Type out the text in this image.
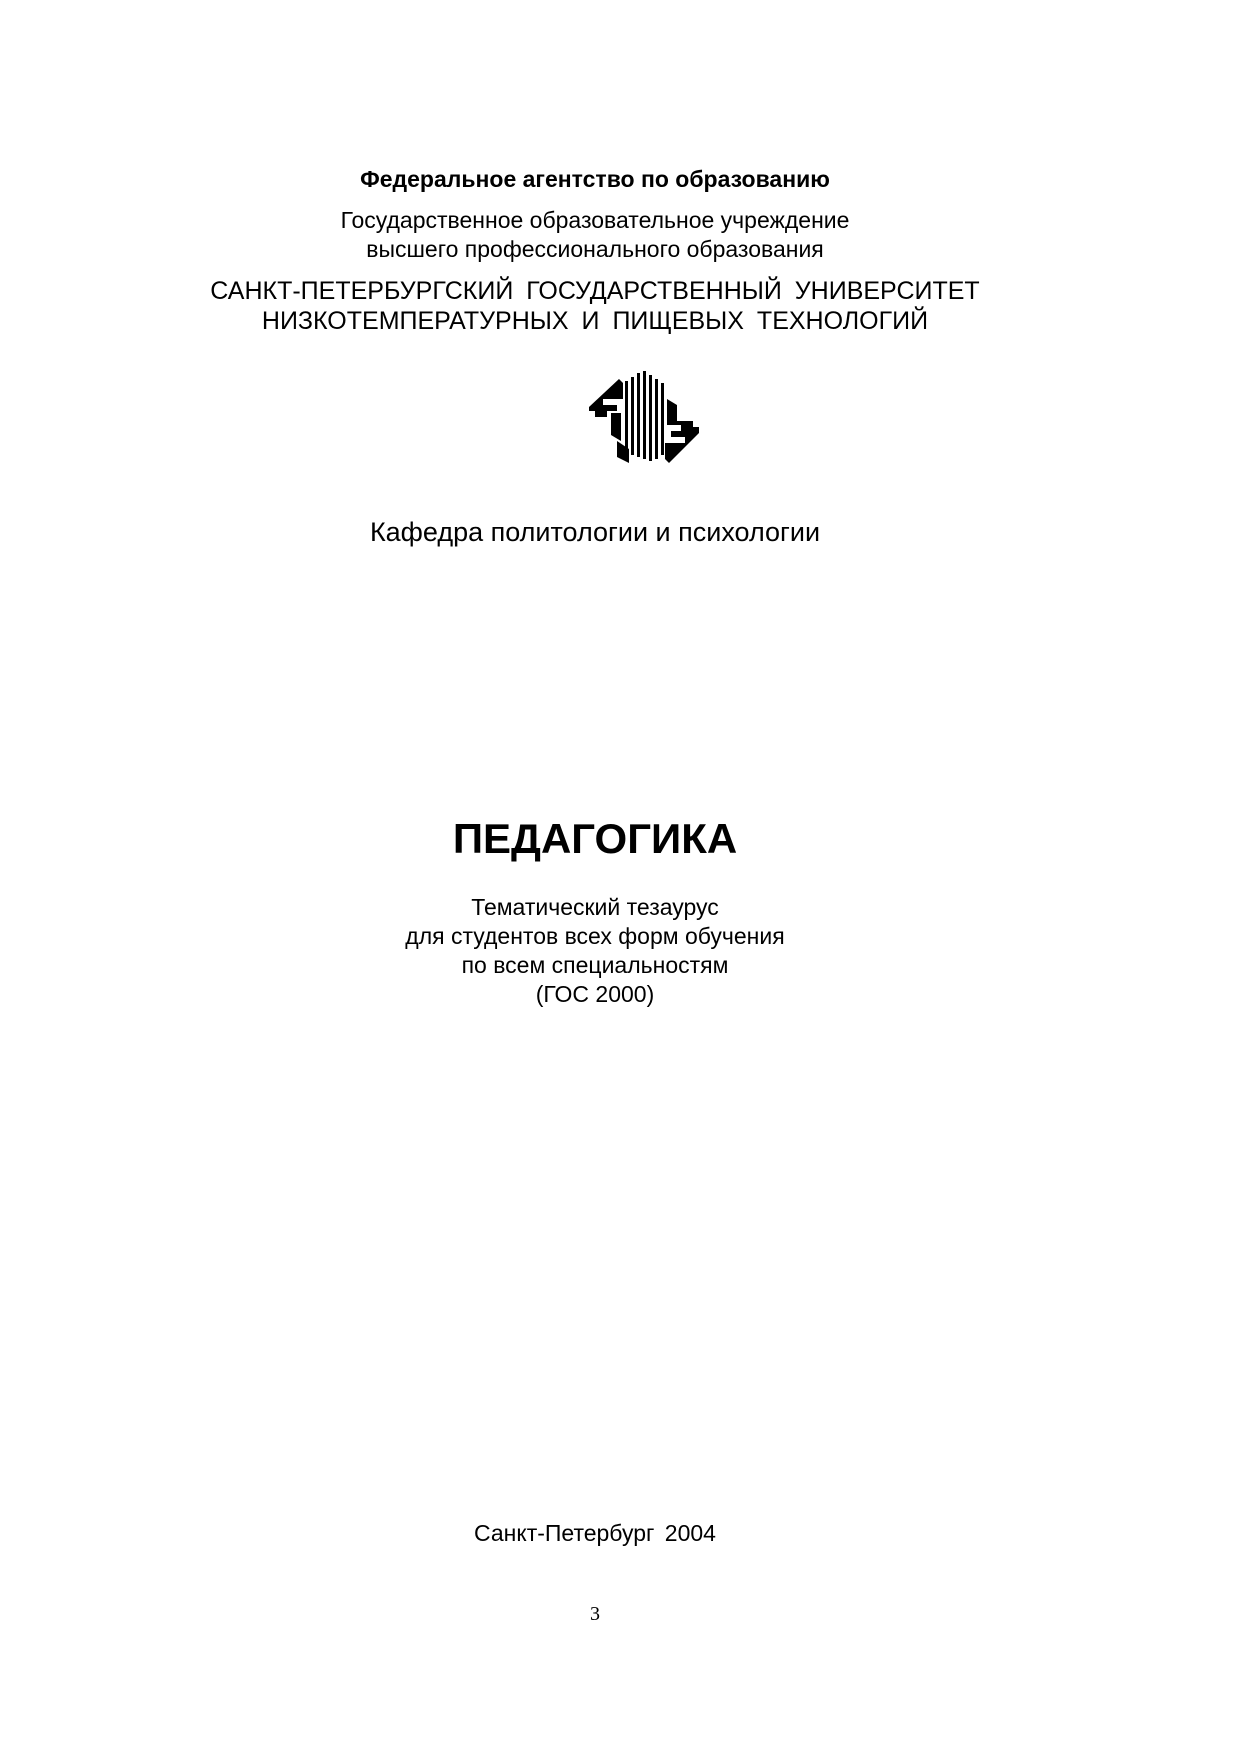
Федеральное агентство по образованию
Государственное образовательное учреждение
высшего профессионального образования
САНКТ-ПЕТЕРБУРГСКИЙ ГОСУДАРСТВЕННЫЙ УНИВЕРСИТЕТ
НИЗКОТЕМПЕРАТУРНЫХ И ПИЩЕВЫХ ТЕХНОЛОГИЙ
Кафедра политологии и психологии
ПЕДАГОГИКА
Тематический тезаурус
для студентов всех форм обучения
по всем специальностям
(ГОС 2000)
Санкт-Петербург 2004
3
